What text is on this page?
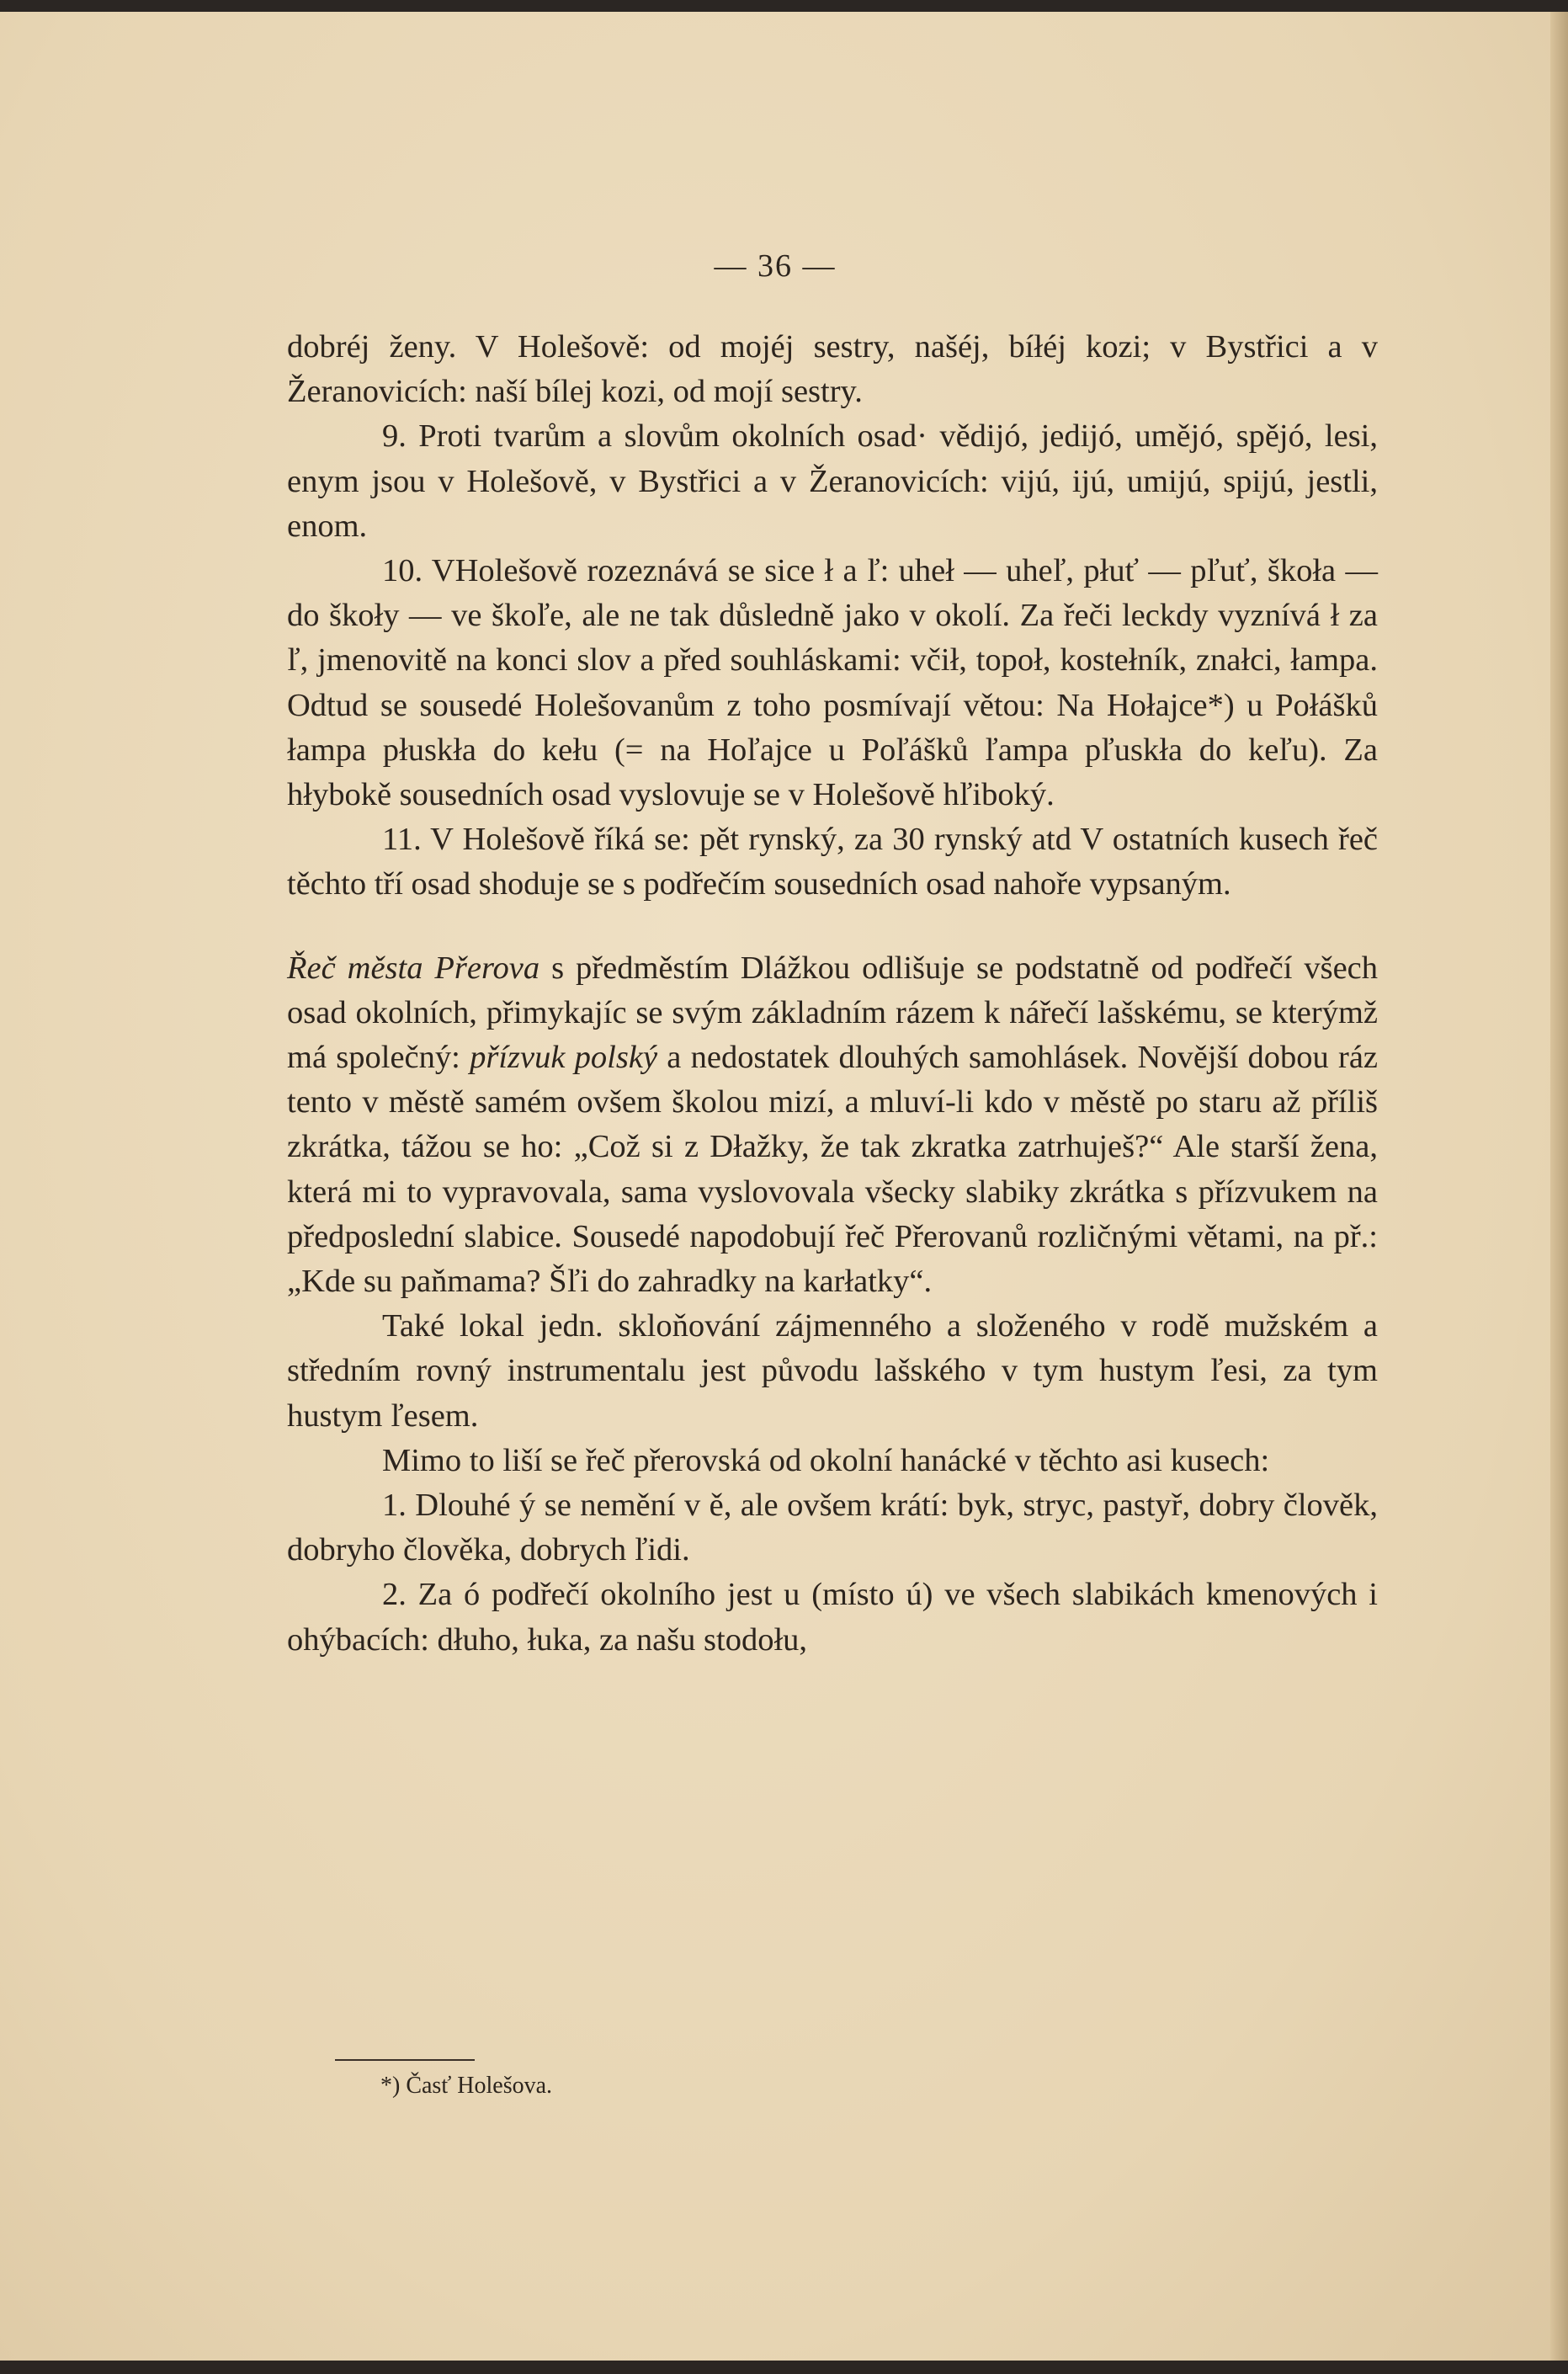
— 36 —

dobréj ženy. V Holešově: od mojéj sestry, našéj, bíłéj kozi; v Bystřici a v Žeranovicích: naší bílej kozi, od mojí sestry.

9. Proti tvarům a slovům okolních osad· vědijó, jedijó, umějó, spějó, lesi, enym jsou v Holešově, v Bystřici a v Žeranovicích: vijú, ijú, umijú, spijú, jestli, enom.

10. VHolešově rozeznává se sice ł a ľ: uheł — uheľ, płuť — pľuť, škoła — do škoły — ve škoľe, ale ne tak důsledně jako v okolí. Za řeči leckdy vyznívá ł za ľ, jmenovitě na konci slov a před souhláskami: včił, topoł, kostełník, znałci, łampa. Odtud se sousedé Holešovanům z toho posmívají větou: Na Hołajce*) u Połášků łampa płuskła do kełu (= na Hoľajce u Poľášků ľampa pľuskła do keľu). Za hłybokě sousedních osad vyslovuje se v Holešově hľiboký.

11. V Holešově říká se: pět rynský, za 30 rynský atd V ostatních kusech řeč těchto tří osad shoduje se s podřečím sousedních osad nahoře vypsaným.

Řeč města Přerova s předměstím Dlážkou odlišuje se podstatně od podřečí všech osad okolních, přimykajíc se svým základním rázem k nářečí lašskému, se kterýmž má společný: přízvuk polský a nedostatek dlouhých samohlásek. Novější dobou ráz tento v městě samém ovšem školou mizí, a mluví-li kdo v městě po staru až příliš zkrátka, tážou se ho: „Což si z Dłažky, že tak zkratka zatrhuješ?“ Ale starší žena, která mi to vypravovala, sama vyslovovala všecky slabiky zkrátka s přízvukem na předposlední slabice. Sousedé napodobují řeč Přerovanů rozličnými větami, na př.: „Kde su paňmama? Šľi do zahradky na karłatky“.

Také lokal jedn. skloňování zájmenného a složeného v rodě mužském a středním rovný instrumentalu jest původu lašského v tym hustym ľesi, za tym hustym ľesem.

Mimo to liší se řeč přerovská od okolní hanácké v těchto asi kusech:

1. Dlouhé ý se nemění v ě, ale ovšem krátí: byk, stryc, pastyř, dobry člověk, dobryho člověka, dobrych ľidi.

2. Za ó podřečí okolního jest u (místo ú) ve všech slabikách kmenových i ohýbacích: dłuho, łuka, za našu stodołu,

*) Časť Holešova.
